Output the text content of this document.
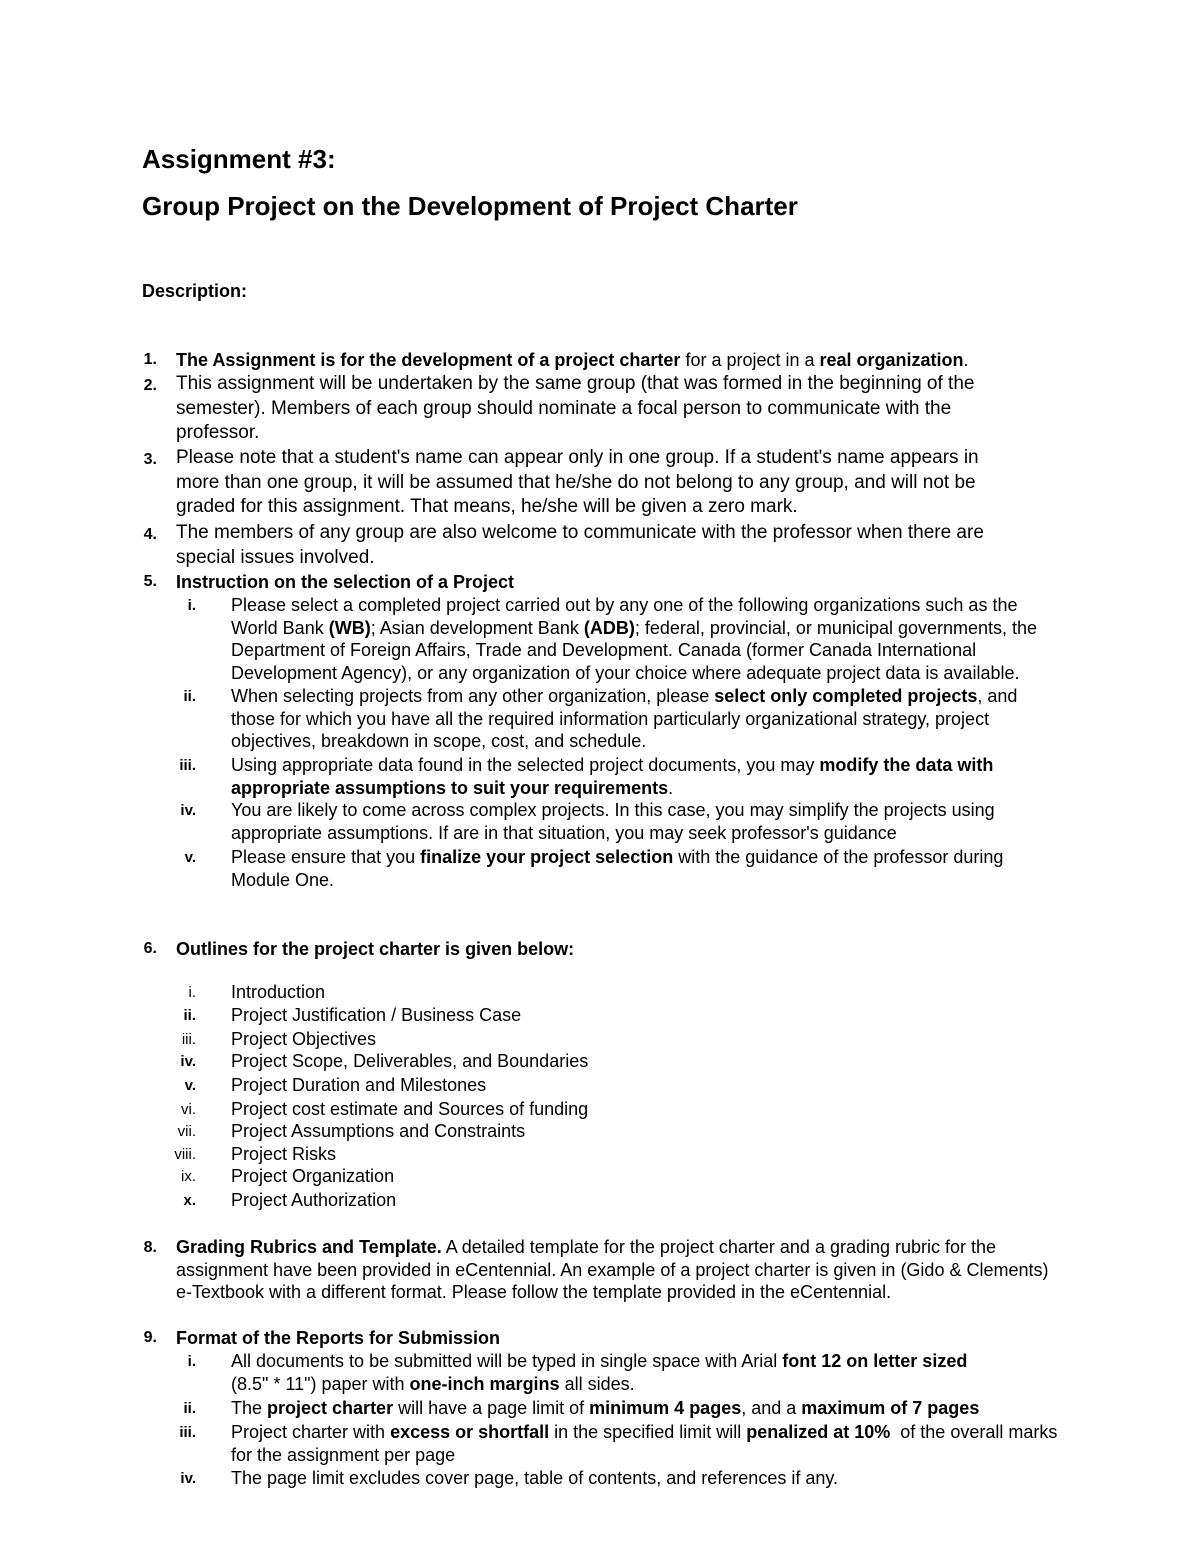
Assignment #3:
Group Project on the Development of Project Charter
Description:
1. The Assignment is for the development of a project charter for a project in a real organization.
2. This assignment will be undertaken by the same group (that was formed in the beginning of the
semester). Members of each group should nominate a focal person to communicate with the
professor.
3. Please note that a student's name can appear only in one group. If a student's name appears in
more than one group, it will be assumed that he/she do not belong to any group, and will not be
graded for this assignment. That means, he/she will be given a zero mark.
4. The members of any group are also welcome to communicate with the professor when there are
special issues involved.
5. Instruction on the selection of a Project
i. Please select a completed project carried out by any one of the following organizations such as the
World Bank (WB); Asian development Bank (ADB); federal, provincial, or municipal governments, the
Department of Foreign Affairs, Trade and Development. Canada (former Canada International
Development Agency), or any organization of your choice where adequate project data is available.
ii. When selecting projects from any other organization, please select only completed projects, and
those for which you have all the required information particularly organizational strategy, project
objectives, breakdown in scope, cost, and schedule.
iii. Using appropriate data found in the selected project documents, you may modify the data with
appropriate assumptions to suit your requirements.
iv. You are likely to come across complex projects. In this case, you may simplify the projects using
appropriate assumptions. If are in that situation, you may seek professor's guidance
v. Please ensure that you finalize your project selection with the guidance of the professor during
Module One.
6. Outlines for the project charter is given below:
i. Introduction
ii. Project Justification / Business Case
iii. Project Objectives
iv. Project Scope, Deliverables, and Boundaries
v. Project Duration and Milestones
vi. Project cost estimate and Sources of funding
vii. Project Assumptions and Constraints
viii. Project Risks
ix. Project Organization
x. Project Authorization
8. Grading Rubrics and Template. A detailed template for the project charter and a grading rubric for the
assignment have been provided in eCentennial. An example of a project charter is given in (Gido & Clements)
e-Textbook with a different format. Please follow the template provided in the eCentennial.
9. Format of the Reports for Submission
i. All documents to be submitted will be typed in single space with Arial font 12 on letter sized
(8.5" * 11") paper with one-inch margins all sides.
ii. The project charter will have a page limit of minimum 4 pages, and a maximum of 7 pages
iii. Project charter with excess or shortfall in the specified limit will penalized at 10%  of the overall marks
for the assignment per page
iv. The page limit excludes cover page, table of contents, and references if any.
